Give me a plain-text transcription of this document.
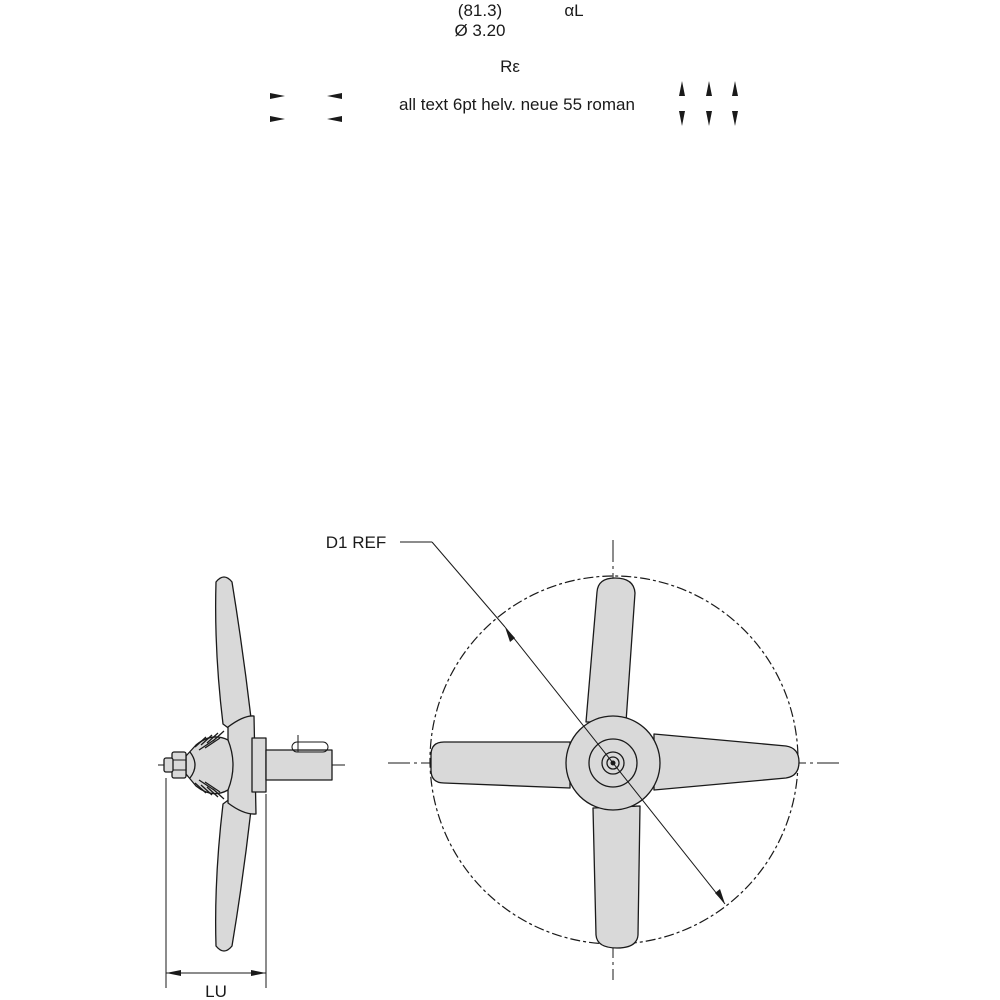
(81.3)
Ø 3.20
αL
Rε
all text 6pt helv. neue 55 roman
LU
D1 REF
